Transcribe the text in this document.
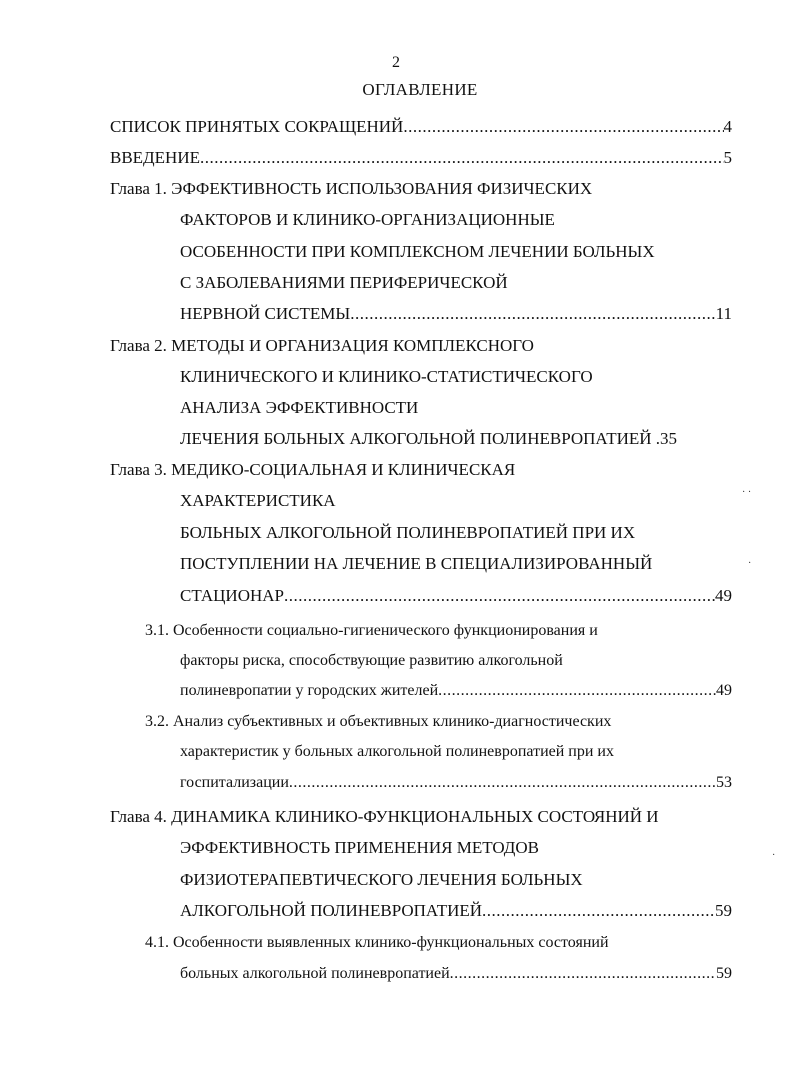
2
ОГЛАВЛЕНИЕ
СПИСОК ПРИНЯТЫХ СОКРАЩЕНИЙ .....	4
ВВЕДЕНИЕ .....	5
Глава 1. ЭФФЕКТИВНОСТЬ ИСПОЛЬЗОВАНИЯ ФИЗИЧЕСКИХ
ФАКТОРОВ И КЛИНИКО-ОРГАНИЗАЦИОННЫЕ
ОСОБЕННОСТИ ПРИ КОМПЛЕКСНОМ ЛЕЧЕНИИ БОЛЬНЫХ
С ЗАБОЛЕВАНИЯМИ ПЕРИФЕРИЧЕСКОЙ
НЕРВНОЙ СИСТЕМЫ .....	11
Глава 2. МЕТОДЫ И ОРГАНИЗАЦИЯ КОМПЛЕКСНОГО
КЛИНИЧЕСКОГО И КЛИНИКО-СТАТИСТИЧЕСКОГО
АНАЛИЗА ЭФФЕКТИВНОСТИ
ЛЕЧЕНИЯ БОЛЬНЫХ АЛКОГОЛЬНОЙ ПОЛИНЕВРОПАТИЕЙ . 35
Глава 3. МЕДИКО-СОЦИАЛЬНАЯ И КЛИНИЧЕСКАЯ
ХАРАКТЕРИСТИКА
БОЛЬНЫХ АЛКОГОЛЬНОЙ ПОЛИНЕВРОПАТИЕЙ ПРИ ИХ
ПОСТУПЛЕНИИ НА ЛЕЧЕНИЕ В СПЕЦИАЛИЗИРОВАННЫЙ
СТАЦИОНАР .....	49
3.1. Особенности социально-гигиенического функционирования и
факторы риска, способствующие развитию алкогольной
полиневропатии у городских жителей .....	49
3.2. Анализ субъективных и объективных клинико-диагностических
характеристик у больных алкогольной полиневропатией при их
госпитализации .....	53
Глава 4. ДИНАМИКА КЛИНИКО-ФУНКЦИОНАЛЬНЫХ СОСТОЯНИЙ И
ЭФФЕКТИВНОСТЬ ПРИМЕНЕНИЯ МЕТОДОВ
ФИЗИОТЕРАПЕВТИЧЕСКОГО ЛЕЧЕНИЯ БОЛЬНЫХ
АЛКОГОЛЬНОЙ ПОЛИНЕВРОПАТИЕЙ .....	59
4.1. Особенности выявленных клинико-функциональных состояний
больных алкогольной полиневропатией .....	59
· ·
·
·
